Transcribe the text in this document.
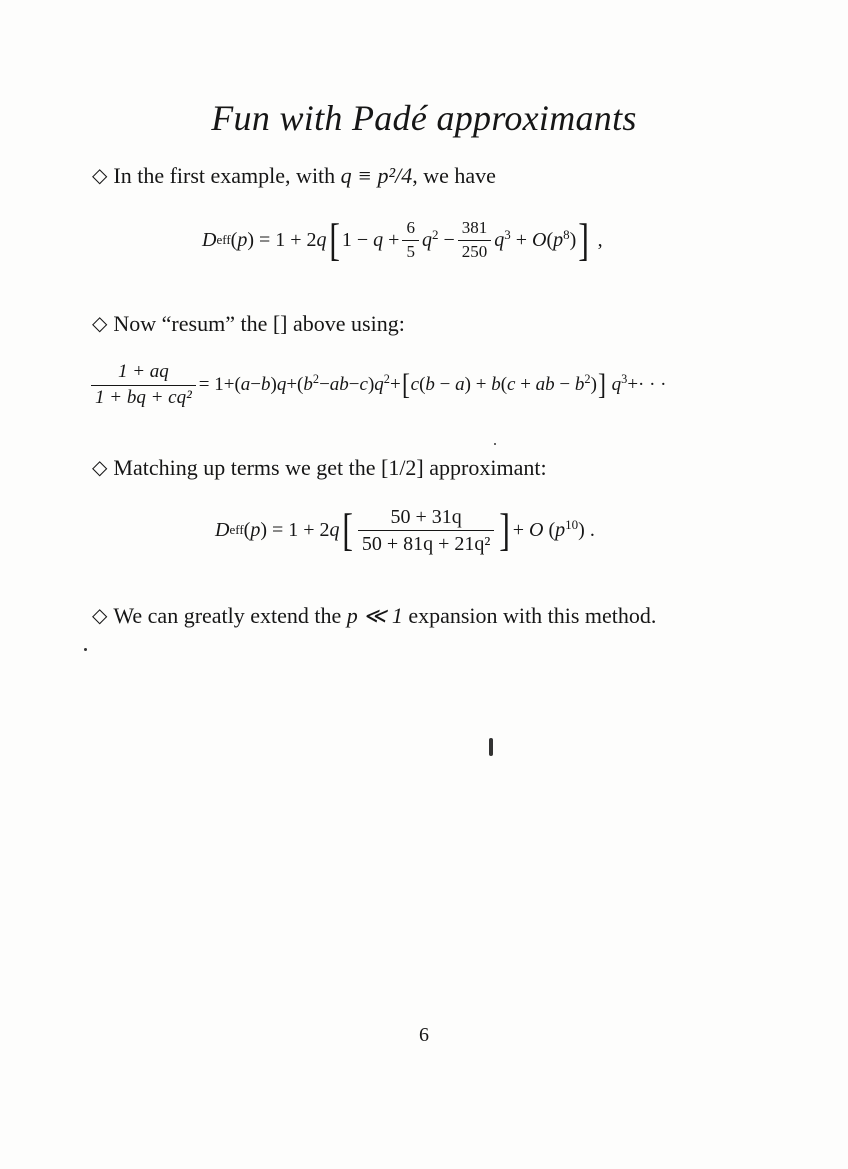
Fun with Padé approximants
◇ In the first example, with q ≡ p²/4, we have
D eff (p) = 1 + 2q [ $1 - q + \frac{6}{5} q^2 - \frac{381}{250} q^3 + O(p^8)$ ] ,
◇ Now “resum” the [] above using:
$\frac{1 + aq}{\text{1 + bq + cq²}} = 1+(a-b)q+(b^2-ab-c)q^2+$ [ c(b − a) + b(c + ab − $b^2$) ] $q^3+\cdot$ · ·
◇ Matching up terms we get the [1/2] approximant:
D eff (p) = 1 + 2q [ $\frac{50 + 31q}{\text{50 + 81q + 21q²}}$ ] + O $(p^{10})$ .
◇ We can greatly extend the p ≪ 1 expansion with this method.
6
